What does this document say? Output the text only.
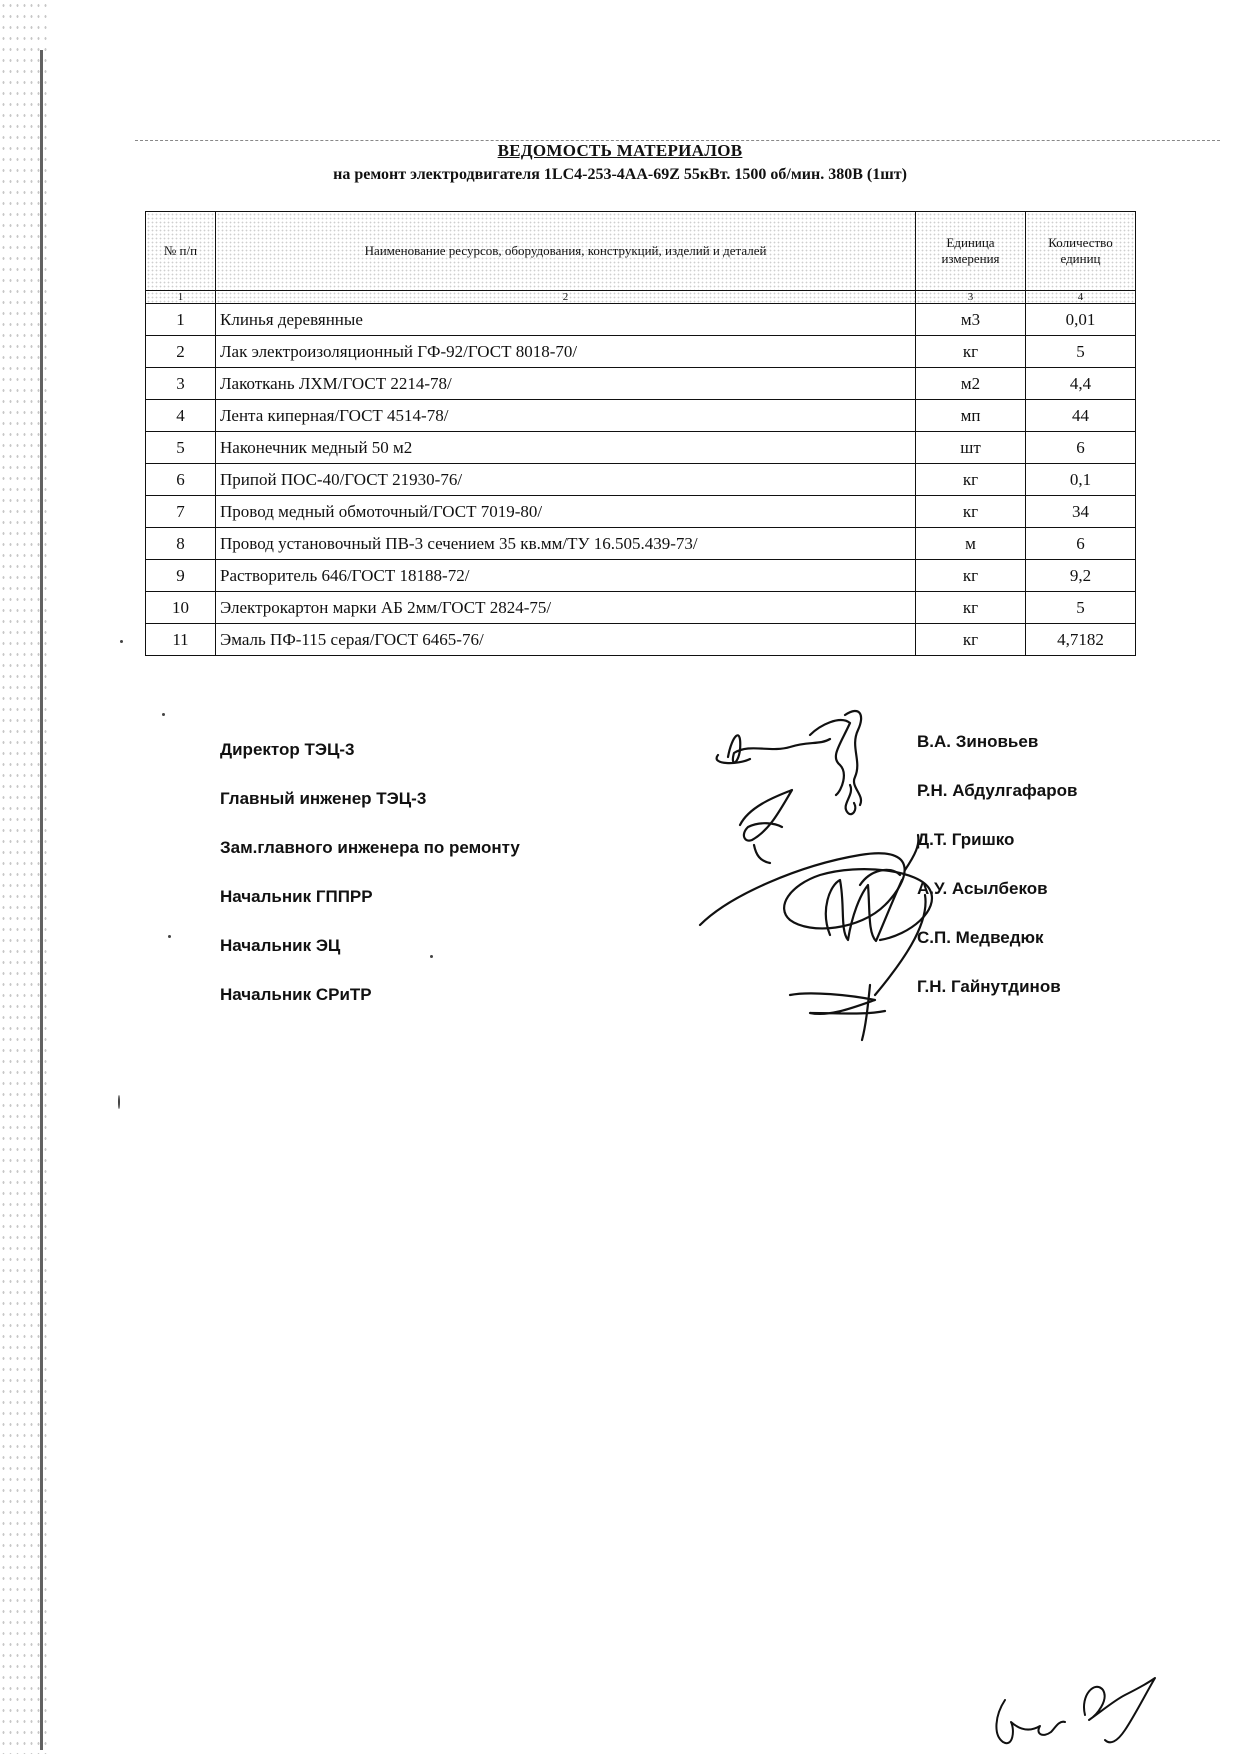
ВЕДОМОСТЬ МАТЕРИАЛОВ
на ремонт электродвигателя 1LC4-253-4АА-69Z 55кВт. 1500 об/мин. 380В (1шт)
№ п/п	Наименование ресурсов, оборудования, конструкций, изделий и деталей	Единица измерения	Количество единиц
1	2	3	4
1	Клинья деревянные	м3	0,01
2	Лак электроизоляционный ГФ-92/ГОСТ 8018-70/	кг	5
3	Лакоткань ЛХМ/ГОСТ 2214-78/	м2	4,4
4	Лента киперная/ГОСТ 4514-78/	мп	44
5	Наконечник медный 50 м2	шт	6
6	Припой ПОС-40/ГОСТ 21930-76/	кг	0,1
7	Провод медный обмоточный/ГОСТ 7019-80/	кг	34
8	Провод установочный ПВ-3 сечением 35 кв.мм/ТУ 16.505.439-73/	м	6
9	Растворитель 646/ГОСТ 18188-72/	кг	9,2
10	Электрокартон марки АБ 2мм/ГОСТ 2824-75/	кг	5
11	Эмаль ПФ-115 серая/ГОСТ 6465-76/	кг	4,7182
Директор ТЭЦ-3	В.А. Зиновьев
Главный инженер ТЭЦ-3	Р.Н. Абдулгафаров
Зам.главного инженера по ремонту	Д.Т. Гришко
Начальник ГППРР	А.У. Асылбеков
Начальник ЭЦ	С.П. Медведюк
Начальник СРиТР	Г.Н. Гайнутдинов
